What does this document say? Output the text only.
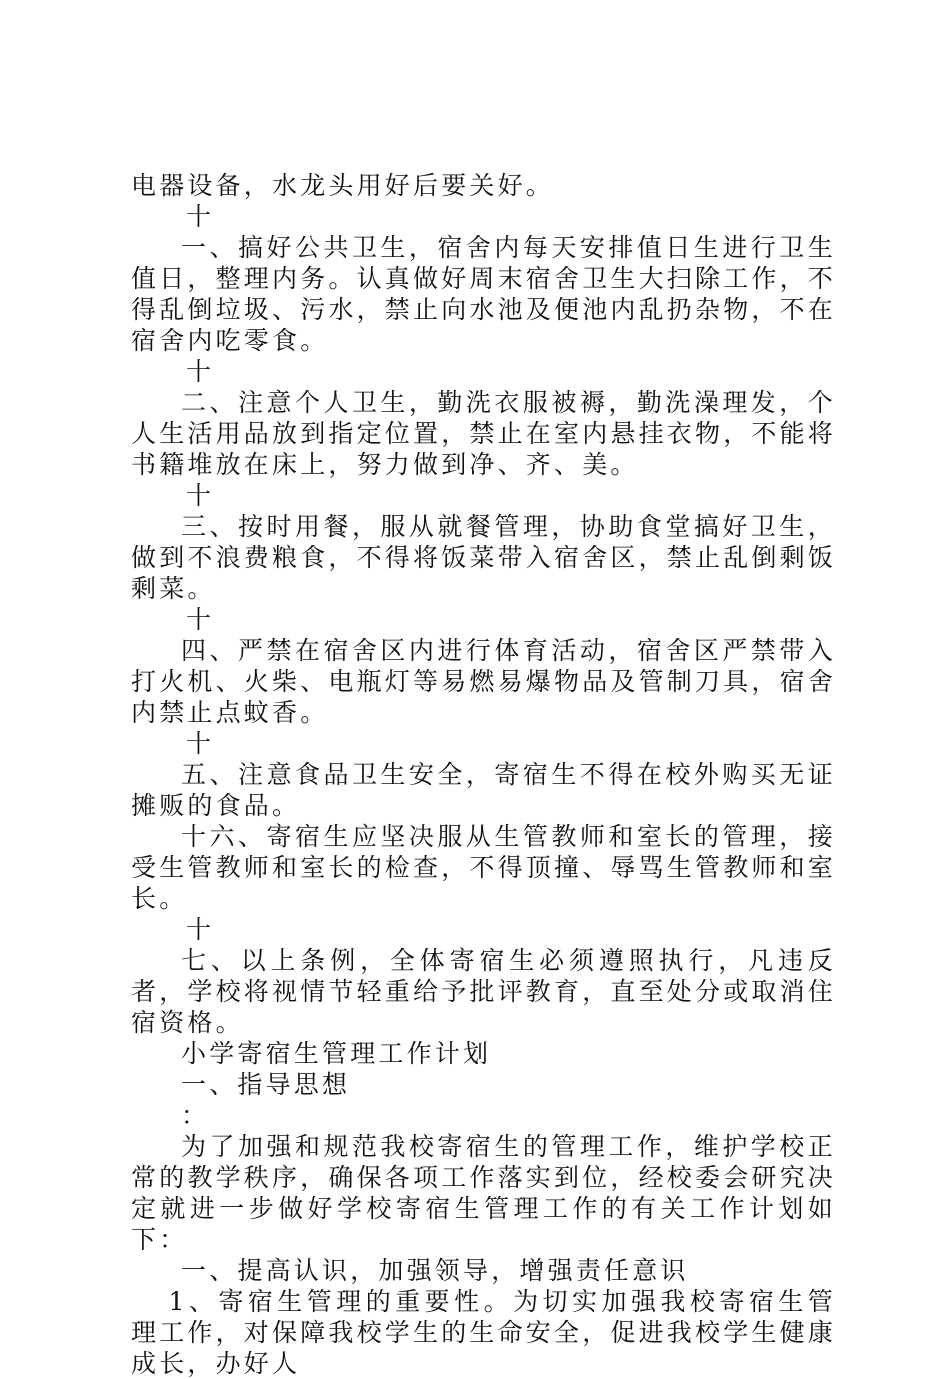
电器设备，水龙头用好后要关好。

十

一、搞好公共卫生，宿舍内每天安排值日生进行卫生值日，整理内务。认真做好周末宿舍卫生大扫除工作，不得乱倒垃圾、污水，禁止向水池及便池内乱扔杂物，不在宿舍内吃零食。

十

二、注意个人卫生，勤洗衣服被褥，勤洗澡理发，个人生活用品放到指定位置，禁止在室内悬挂衣物，不能将书籍堆放在床上，努力做到净、齐、美。

十

三、按时用餐，服从就餐管理，协助食堂搞好卫生，做到不浪费粮食，不得将饭菜带入宿舍区，禁止乱倒剩饭剩菜。

十

四、严禁在宿舍区内进行体育活动，宿舍区严禁带入打火机、火柴、电瓶灯等易燃易爆物品及管制刀具，宿舍内禁止点蚊香。

十

五、注意食品卫生安全，寄宿生不得在校外购买无证摊贩的食品。

十六、寄宿生应坚决服从生管教师和室长的管理，接受生管教师和室长的检查，不得顶撞、辱骂生管教师和室长。

十

七、以上条例，全体寄宿生必须遵照执行，凡违反者，学校将视情节轻重给予批评教育，直至处分或取消住宿资格。

小学寄宿生管理工作计划

一、指导思想

：

为了加强和规范我校寄宿生的管理工作，维护学校正常的教学秩序，确保各项工作落实到位，经校委会研究决定就进一步做好学校寄宿生管理工作的有关工作计划如下：

一、提高认识，加强领导，增强责任意识

1、寄宿生管理的重要性。为切实加强我校寄宿生管理工作，对保障我校学生的生命安全，促进我校学生健康成长，办好人
